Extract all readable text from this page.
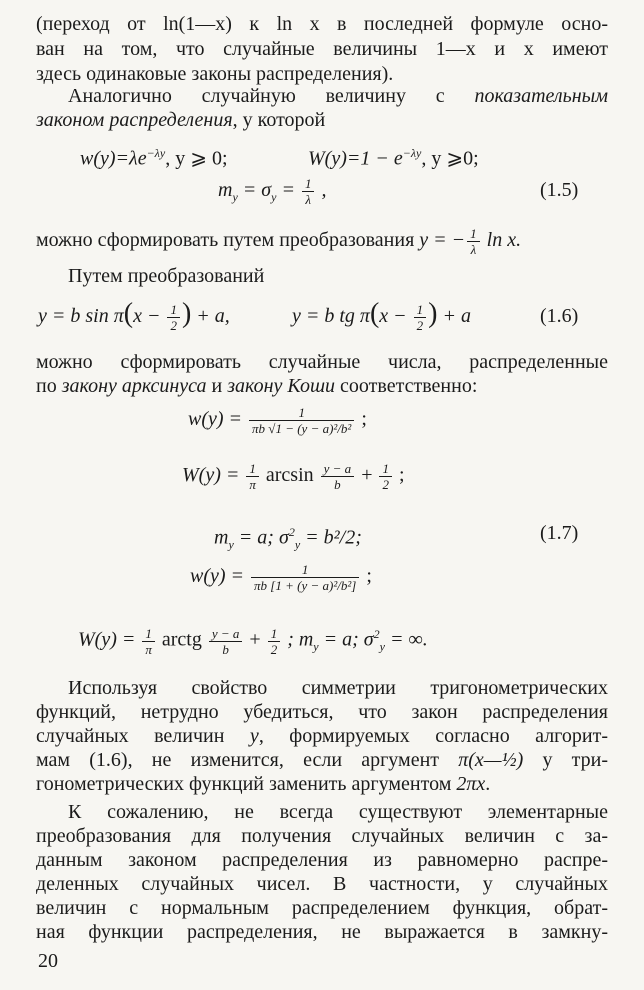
(переход от ln(1—x) к ln x в последней формуле осно-
ван на том, что случайные величины 1—x и x имеют
здесь одинаковые законы распределения).
Аналогично случайную величину с показательным
законом распределения, у которой
$w(y)=\lambda e^{-\lambda y}$, y ⩾ 0;	$W(y)=1 - e^{-\lambda y}$, y ⩾0;
$m_y = \sigma_y = \frac{1}{\lambda}$ ,	(1.5)
можно сформировать путем преобразования y = − $\frac{1}{\lambda}$ ln x.
Путем преобразований
y = b $\sin \pi(x - \frac{1}{2}$ ) + a,	y = b tg $\pi(x - \frac{1}{2}$ ) + a	(1.6)
можно сформировать случайные числа, распределенные
по закону арксинуса и закону Коши соответственно:
$w(y) = \frac{1}{\text{πb √1 − (y − a)²/b²}}$ ;
$W(y) = \frac{1}{\pi}$ $\arcsin \frac{y - a}{b} + \frac{1}{2}$ ;
$m_y = a$; $\sigma^2_y = b^2/2$;	(1.7)
$w(y) = \frac{1}{\text{πb [1 + (y − a)²/b²]}}$ ;
$W(y) = \frac{1}{\pi}$ arctg $\frac{y - a}{b} + \frac{1}{2}$ ; $m_y = a$; $\sigma^2_y$ = ∞.
Используя свойство симметрии тригонометрических
функций, нетрудно убедиться, что закон распределения
случайных величин y, формируемых согласно алгорит-
мам (1.6), не изменится, если аргумент π(x—½) у три-
гонометрических функций заменить аргументом 2πx.
К сожалению, не всегда существуют элементарные
преобразования для получения случайных величин с за-
данным законом распределения из равномерно распре-
деленных случайных чисел. В частности, у случайных
величин с нормальным распределением функция, обрат-
ная функции распределения, не выражается в замкну-
20
